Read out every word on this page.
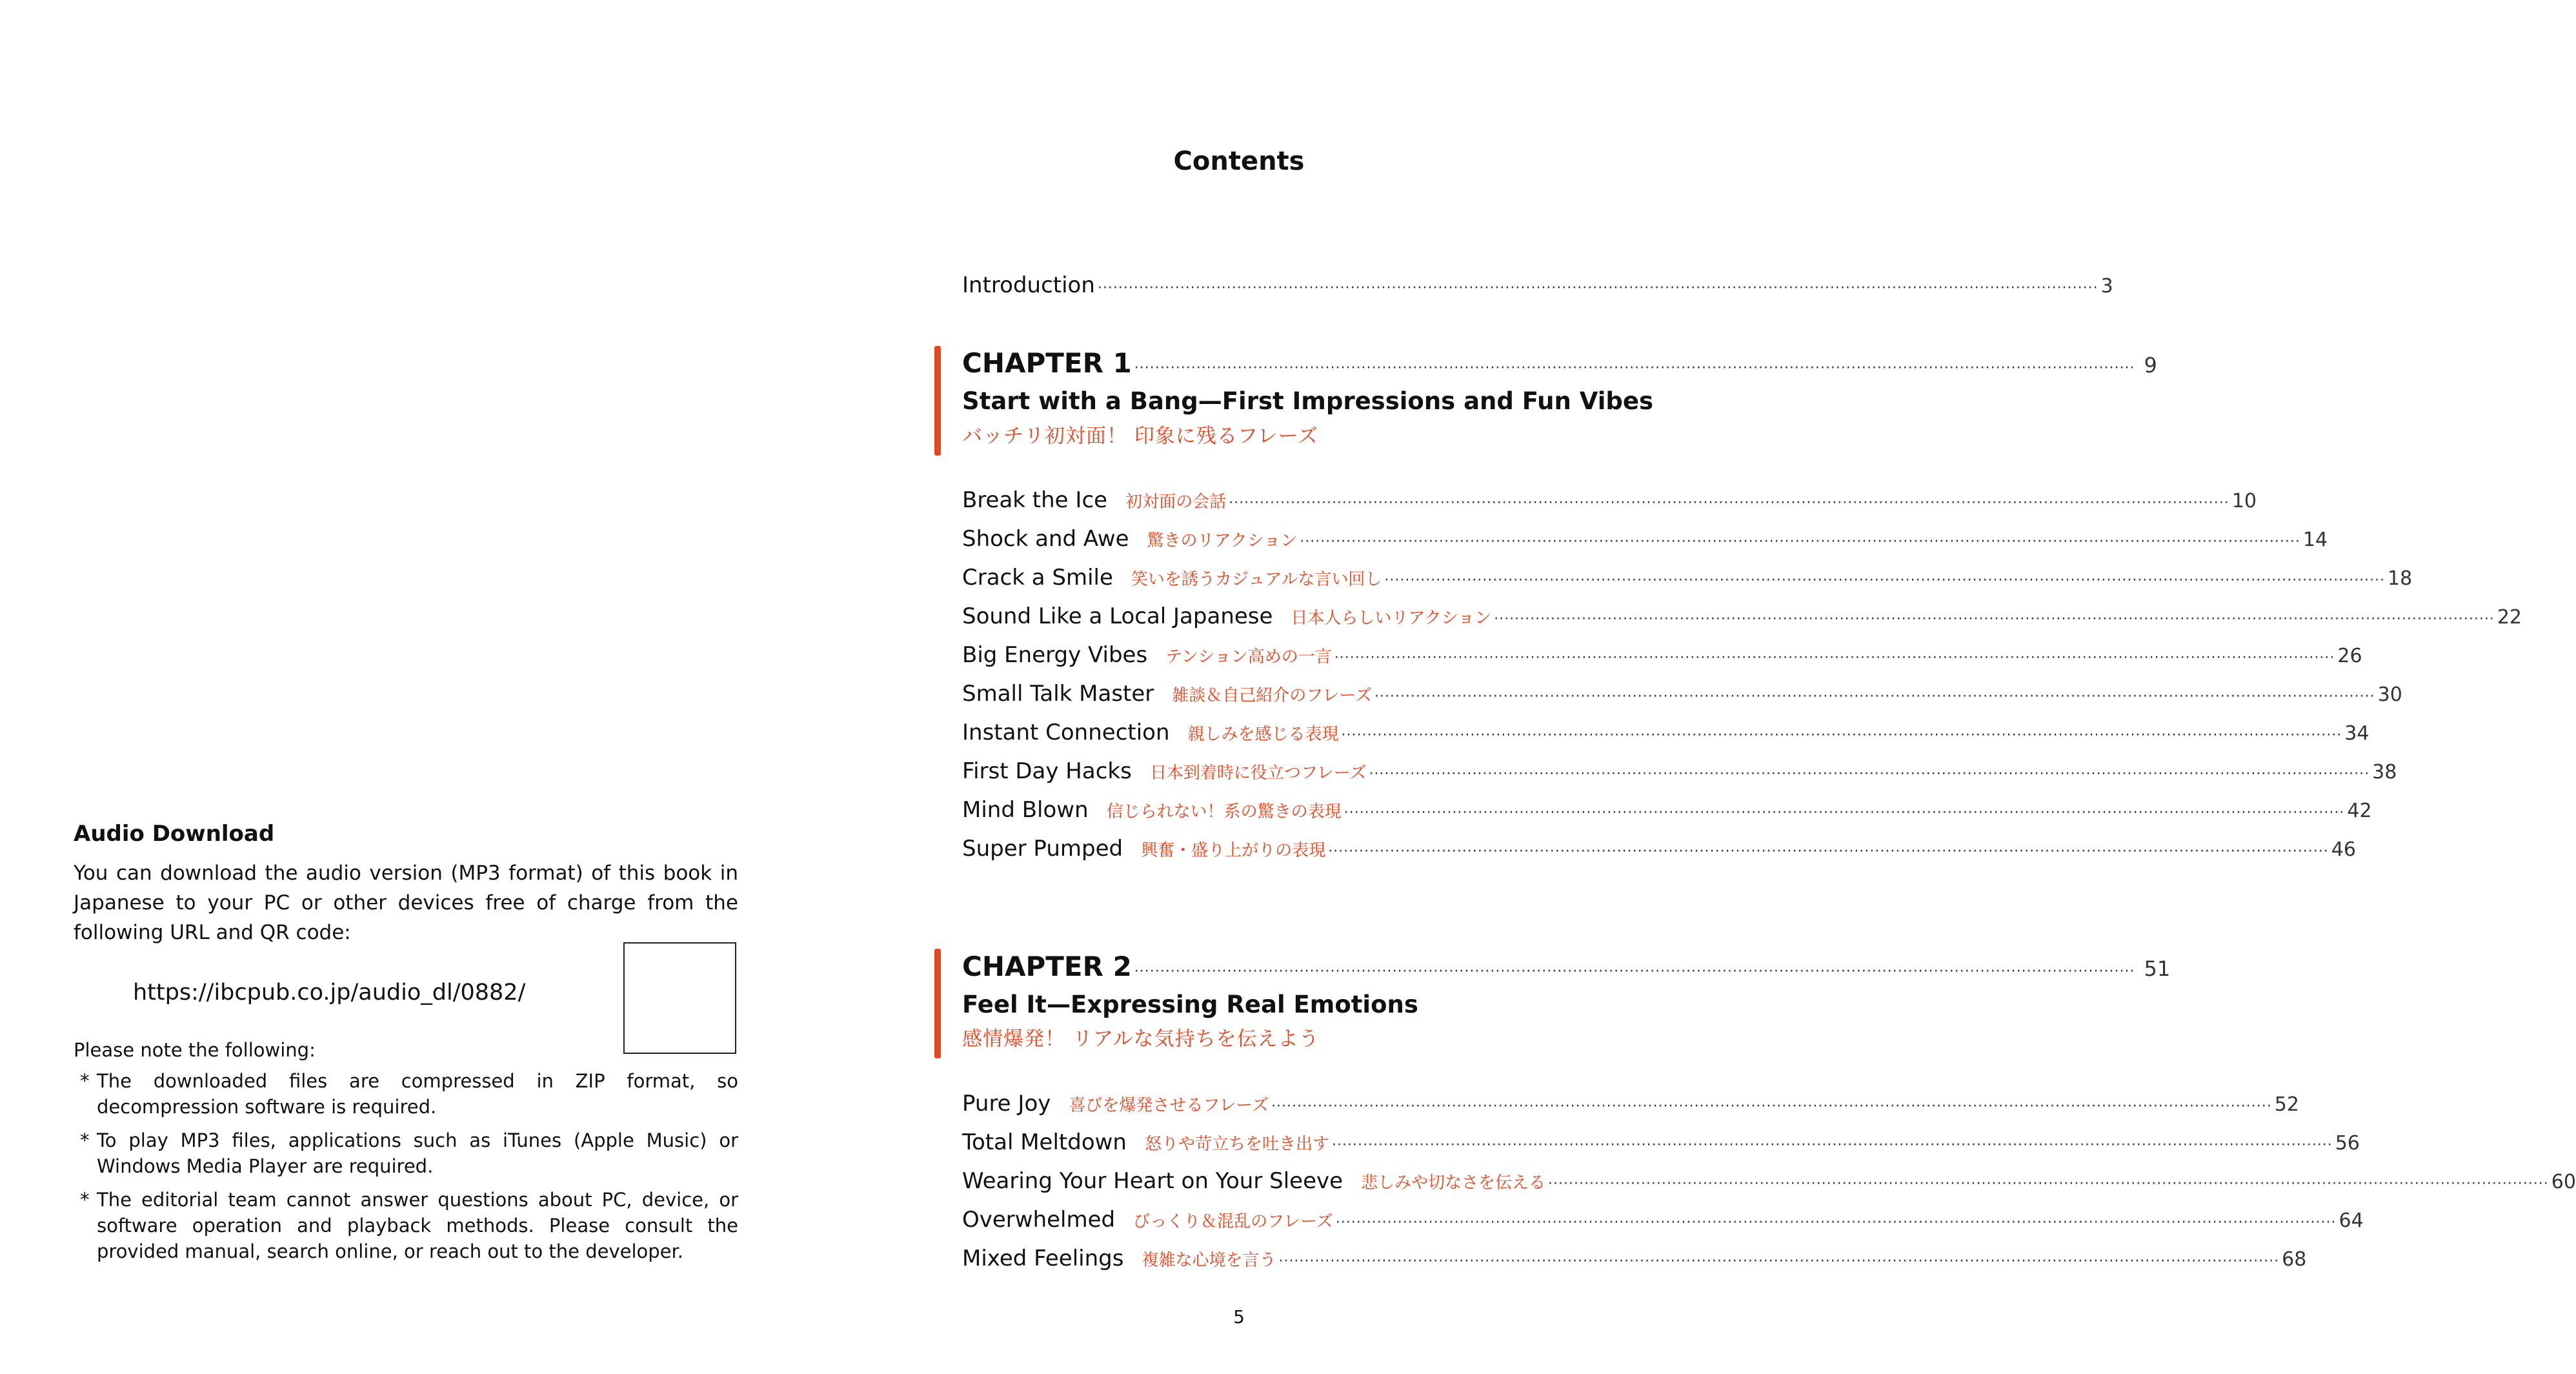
Audio Download

You can download the audio version (MP3 format) of this book in Japanese to your PC or other devices free of charge from the following URL and QR code:

https://ibcpub.co.jp/audio_dl/0882/
Please note the following:
* The downloaded files are compressed in ZIP format, so decompression software is required.
* To play MP3 files, applications such as iTunes (Apple Music) or Windows Media Player are required.
* The editorial team cannot answer questions about PC, device, or software operation and playback methods. Please consult the provided manual, search online, or reach out to the developer.
Contents
Introduction ·····	3
CHAPTER 1 ·····	9
Start with a Bang—First Impressions and Fun Vibes
バッチリ初対面！ 印象に残るフレーズ
Break the Ice 初対面の会話 ·····	10
Shock and Awe 驚きのリアクション ·····	14
Crack a Smile 笑いを誘うカジュアルな言い回し ·····	18
Sound Like a Local Japanese 日本人らしいリアクション ·····	22
Big Energy Vibes テンション高めの一言 ·····	26
Small Talk Master 雑談＆自己紹介のフレーズ ·····	30
Instant Connection 親しみを感じる表現 ·····	34
First Day Hacks 日本到着時に役立つフレーズ ·····	38
Mind Blown 信じられない！系の驚きの表現 ·····	42
Super Pumped 興奮・盛り上がりの表現 ·····	46
CHAPTER 2 ·····	51
Feel It—Expressing Real Emotions
感情爆発！ リアルな気持ちを伝えよう
Pure Joy 喜びを爆発させるフレーズ ·····	52
Total Meltdown 怒りや苛立ちを吐き出す ·····	56
Wearing Your Heart on Your Sleeve 悲しみや切なさを伝える ·····	60
Overwhelmed びっくり＆混乱のフレーズ ·····	64
Mixed Feelings 複雑な心境を言う ·····	68
5
